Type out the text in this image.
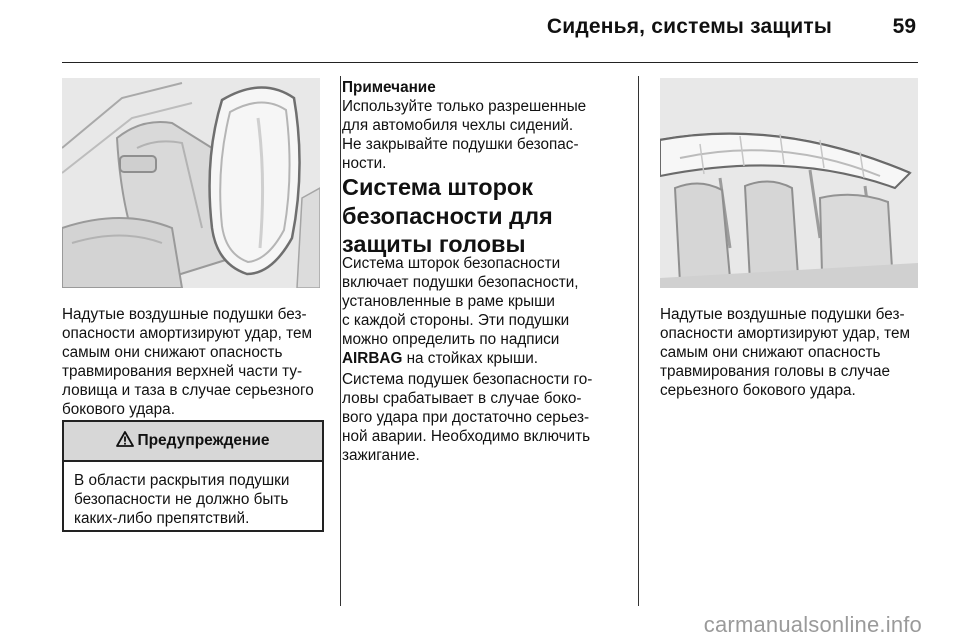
Сиденья, системы защиты	59

Надутые воздушные подушки без-

опасности амортизируют удар, тем

самым они снижают опасность

травмирования верхней части ту-

ловища и таза в случае серьезного

бокового удара.

Предупреждение
В области раскрытия подушки
безопасности не должно быть
каких-либо препятствий.

Примечание

Используйте только разрешенные

для автомобиля чехлы сидений.

Не закрывайте подушки безопас-

ности.

Система шторок
безопасности для
защиты головы

Система шторок безопасности

включает подушки безопасности,

установленные в раме крыши

с каждой стороны. Эти подушки

можно определить по надписи

AIRBAG на стойках крыши.

Система подушек безопасности го-

ловы срабатывает в случае боко-

вого удара при достаточно серьез-

ной аварии. Необходимо включить

зажигание.

Надутые воздушные подушки без-

опасности амортизируют удар, тем

самым они снижают опасность

травмирования головы в случае

серьезного бокового удара.

carmanualsonline.info
